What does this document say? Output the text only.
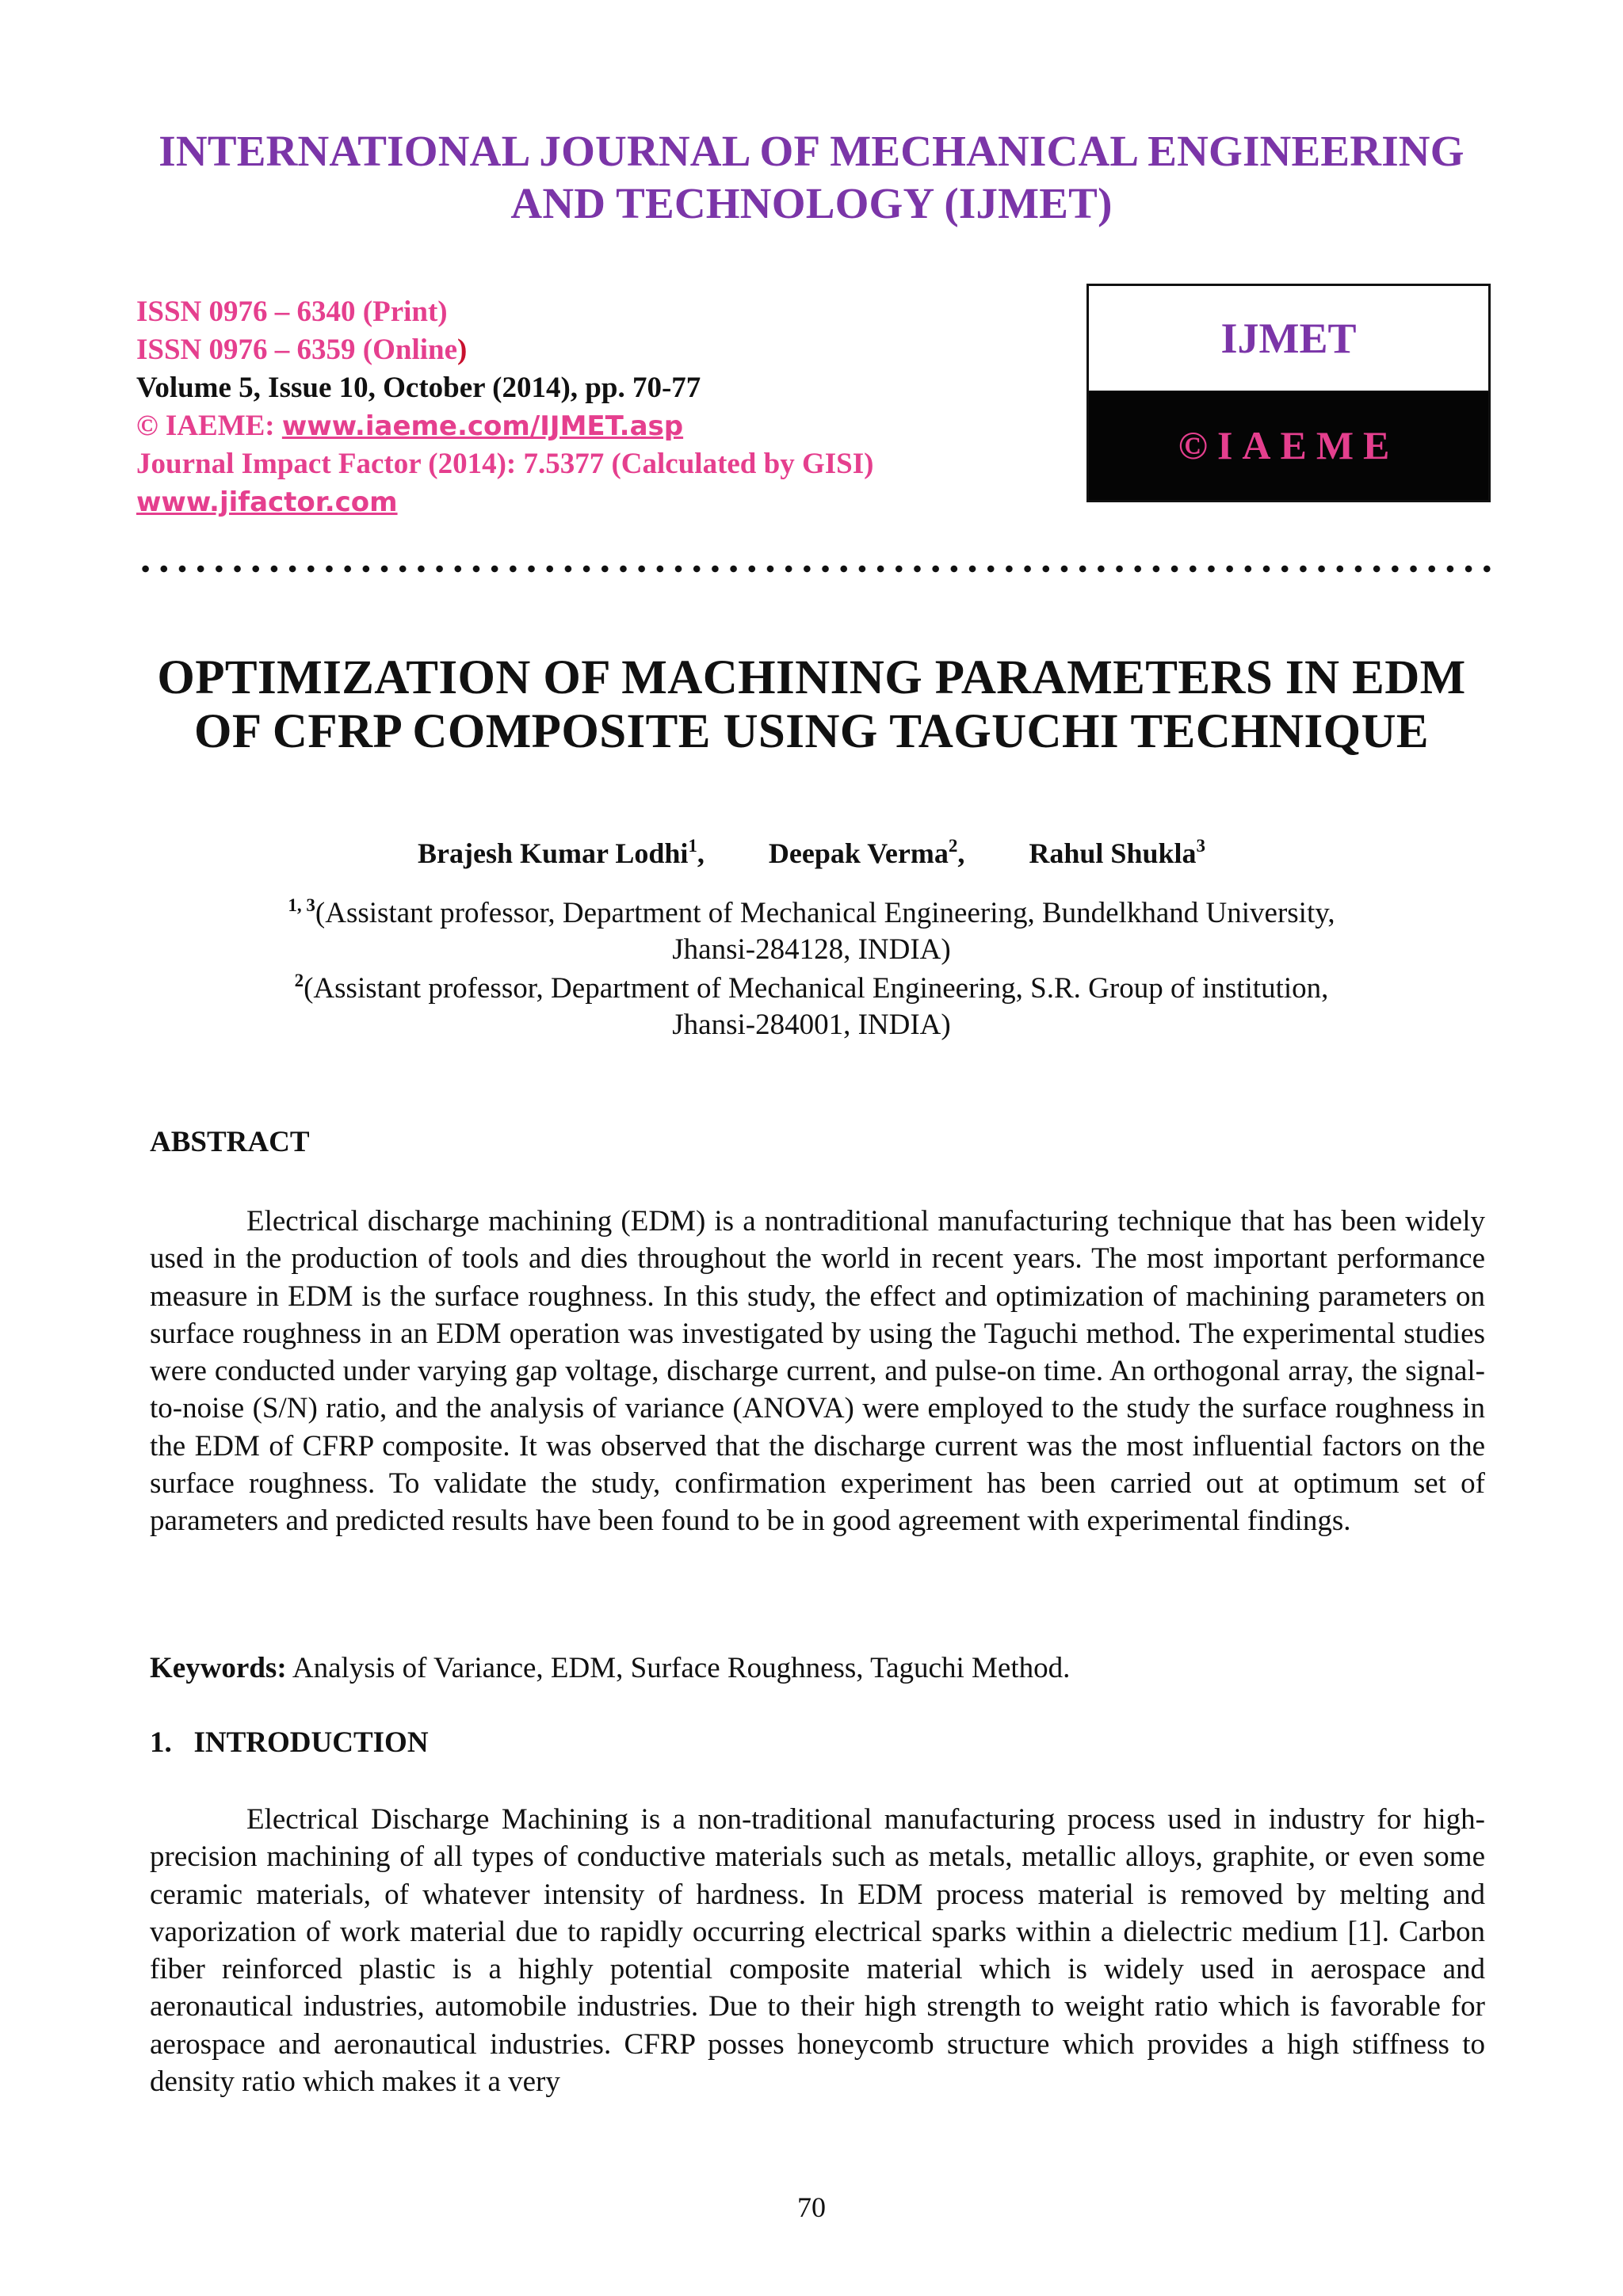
INTERNATIONAL JOURNAL OF MECHANICAL ENGINEERING
AND TECHNOLOGY (IJMET)
ISSN 0976 – 6340 (Print)
ISSN 0976 – 6359 (Online)
Volume 5, Issue 10, October (2014), pp. 70-77
© IAEME: www.iaeme.com/IJMET.asp
Journal Impact Factor (2014): 7.5377 (Calculated by GISI)
www.jifactor.com
IJMET
©IAEME
OPTIMIZATION OF MACHINING PARAMETERS IN EDM
OF CFRP COMPOSITE USING TAGUCHI TECHNIQUE
Brajesh Kumar Lodhi$^1$, Deepak Verma$^2$, Rahul Shukla$^3$

$^{1, 3}$(Assistant professor, Department of Mechanical Engineering, Bundelkhand University,

Jhansi-284128, INDIA)

$^2$(Assistant professor, Department of Mechanical Engineering, S.R. Group of institution,

Jhansi-284001, INDIA)

ABSTRACT

Electrical discharge machining (EDM) is a nontraditional manufacturing technique that has been widely used in the production of tools and dies throughout the world in recent years. The most important performance measure in EDM is the surface roughness. In this study, the effect and optimization of machining parameters on surface roughness in an EDM operation was investigated by using the Taguchi method. The experimental studies were conducted under varying gap voltage, discharge current, and pulse-on time. An orthogonal array, the signal-to-noise (S/N) ratio, and the analysis of variance (ANOVA) were employed to the study the surface roughness in the EDM of CFRP composite. It was observed that the discharge current was the most influential factors on the surface roughness. To validate the study, confirmation experiment has been carried out at optimum set of parameters and predicted results have been found to be in good agreement with experimental findings.

Keywords: Analysis of Variance, EDM, Surface Roughness, Taguchi Method.
1.   INTRODUCTION

Electrical Discharge Machining is a non-traditional manufacturing process used in industry for high-precision machining of all types of conductive materials such as metals, metallic alloys, graphite, or even some ceramic materials, of whatever intensity of hardness. In EDM process material is removed by melting and vaporization of work material due to rapidly occurring electrical sparks within a dielectric medium [1]. Carbon fiber reinforced plastic is a highly potential composite material which is widely used in aerospace and aeronautical industries, automobile industries. Due to their high strength to weight ratio which is favorable for aerospace and aeronautical industries. CFRP posses honeycomb structure which provides a high stiffness to density ratio which makes it a very

70
